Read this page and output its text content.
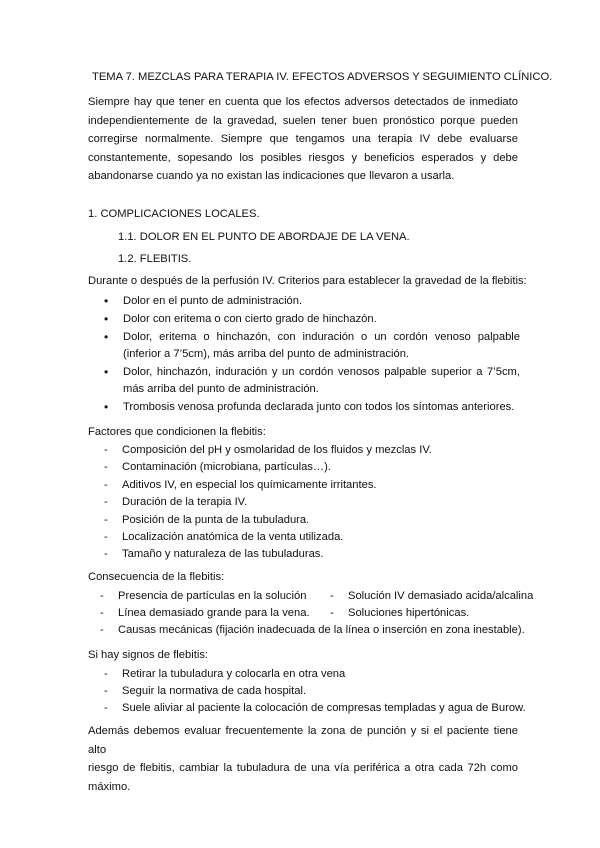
TEMA 7. MEZCLAS PARA TERAPIA IV. EFECTOS ADVERSOS Y SEGUIMIENTO CLÍNICO.
Siempre hay que tener en cuenta que los efectos adversos detectados de inmediato
independientemente de la gravedad, suelen tener buen pronóstico porque pueden
corregirse normalmente. Siempre que tengamos una terapia IV debe evaluarse
constantemente, sopesando los posibles riesgos y beneficios esperados y debe
abandonarse cuando ya no existan las indicaciones que llevaron a usarla.
1. COMPLICACIONES LOCALES.
1.1. DOLOR EN EL PUNTO DE ABORDAJE DE LA VENA.
1.2. FLEBITIS.
Durante o después de la perfusión IV. Criterios para establecer la gravedad de la flebitis:
• Dolor en el punto de administración.
• Dolor con eritema o con cierto grado de hinchazón.
• Dolor, eritema o hinchazón, con induración o un cordón venoso palpable
(inferior a 7’5cm), más arriba del punto de administración.
• Dolor, hinchazón, induración y un cordón venosos palpable superior a 7’5cm,
más arriba del punto de administración.
• Trombosis venosa profunda declarada junto con todos los síntomas anteriores.
Factores que condicionen la flebitis:
- Composición del pH y osmolaridad de los fluidos y mezclas IV.
- Contaminación (microbiana, partículas…).
- Aditivos IV, en especial los químicamente irritantes.
- Duración de la terapia IV.
- Posición de la punta de la tubuladura.
- Localización anatómica de la venta utilizada.
- Tamaño y naturaleza de las tubuladuras.
Consecuencia de la flebitis:
- Presencia de partículas en la solución
- Línea demasiado grande para la vena.
- Solución IV demasiado acida/alcalina
- Soluciones hipertónicas.
- Causas mecánicas (fijación inadecuada de la línea o inserción en zona inestable).
Si hay signos de flebitis:
- Retirar la tubuladura y colocarla en otra vena
- Seguir la normativa de cada hospital.
- Suele aliviar al paciente la colocación de compresas templadas y agua de Burow.
Además debemos evaluar frecuentemente la zona de punción y si el paciente tiene alto
riesgo de flebitis, cambiar la tubuladura de una vía periférica a otra cada 72h como
máximo.
